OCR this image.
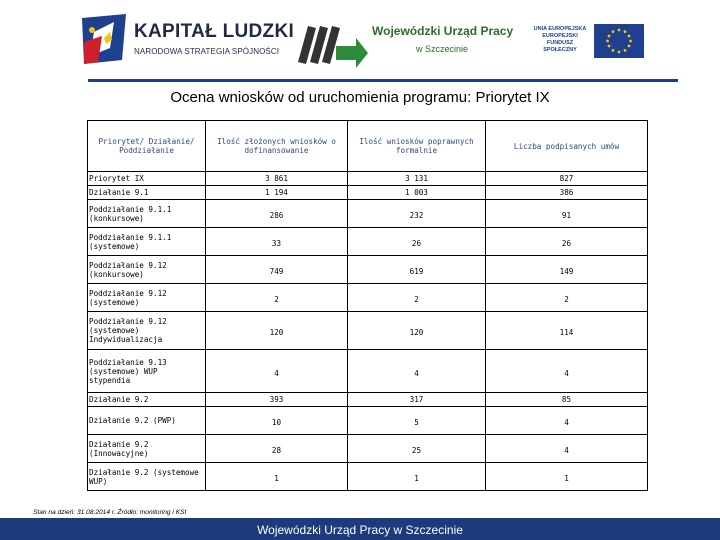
KAPITAŁ LUDZKI
NARODOWA STRATEGIA SPÓJNOŚCI
Wojewódzki Urząd Pracy
w Szczecinie
UNIA EUROPEJSKA
EUROPEJSKI
FUNDUSZ SPOŁECZNY
Ocena wniosków od uruchomienia programu: Priorytet IX
Priorytet/ Działanie/ Poddziałanie	Ilość złożonych wniosków o dofinansowanie	Ilość wniosków poprawnych formalnie	Liczba podpisanych umów
Priorytet IX	3 861	3 131	827
Działanie 9.1	1 194	1 003	386
Poddziałanie 9.1.1 (konkursowe)	286	232	91
Poddziałanie 9.1.1 (systemowe)	33	26	26
Poddziałanie 9.12 (konkursowe)	749	619	149
Poddziałanie 9.12 (systemowe)	2	2	2
Poddziałanie 9.12 (systemowe) Indywidualizacja	120	120	114
Poddziałanie 9.13 (systemowe) WUP stypendia	4	4	4
Działanie 9.2	393	317	85
Działanie 9.2 (PWP)	10	5	4
Działanie 9.2 (Innowacyjne)	28	25	4
Działanie 9.2 (systemowe WUP)	1	1	1
Stan na dzień: 31.08.2014 r. Źródło: monitoring i KSI
Wojewódzki Urząd Pracy w Szczecinie
